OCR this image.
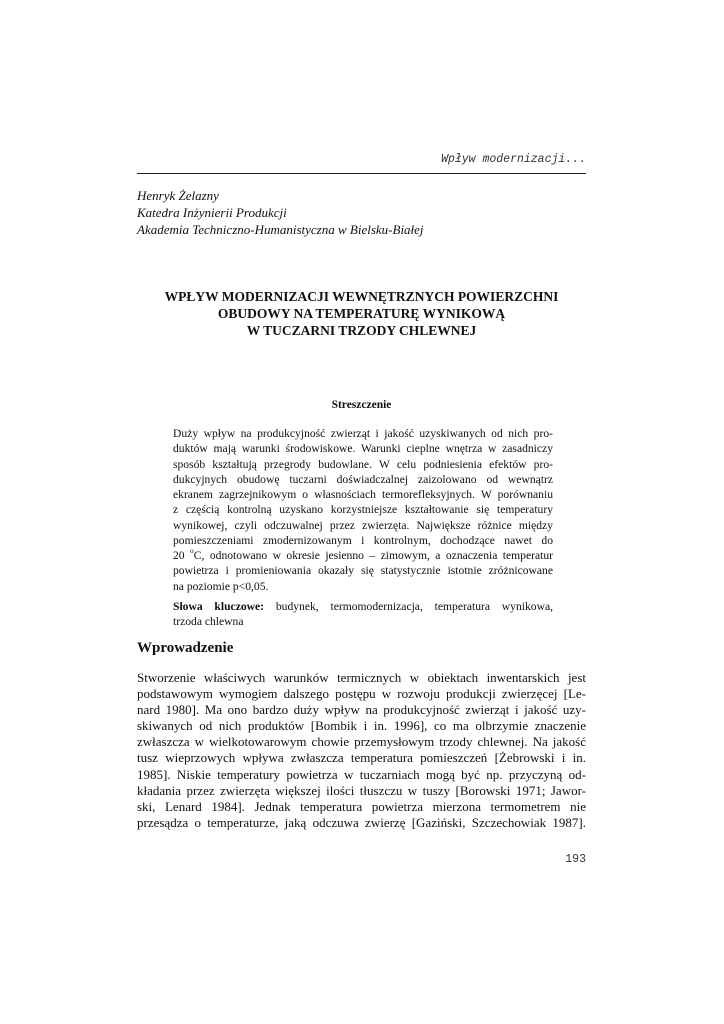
Wpływ modernizacji...
Henryk Żelazny
Katedra Inżynierii Produkcji
Akademia Techniczno-Humanistyczna w Bielsku-Białej
WPŁYW MODERNIZACJI WEWNĘTRZNYCH POWIERZCHNI
OBUDOWY NA TEMPERATURĘ WYNIKOWĄ
W TUCZARNI TRZODY CHLEWNEJ
Streszczenie
Duży wpływ na produkcyjność zwierząt i jakość uzyskiwanych od nich pro-
duktów mają warunki środowiskowe. Warunki cieplne wnętrza w zasadniczy
sposób kształtują przegrody budowlane. W celu podniesienia efektów pro-
dukcyjnych obudowę tuczarni doświadczalnej zaizolowano od wewnątrz
ekranem zagrzejnikowym o własnościach termorefleksyjnych. W porównaniu
z częścią kontrolną uzyskano korzystniejsze kształtowanie się temperatury
wynikowej, czyli odczuwalnej przez zwierzęta. Największe różnice między
pomieszczeniami zmodernizowanym i kontrolnym, dochodzące nawet do
20 $^o$C, odnotowano w okresie jesienno – zimowym, a oznaczenia temperatur
powietrza i promieniowania okazały się statystycznie istotnie zróżnicowane
na poziomie p<0,05.
Słowa kluczowe: budynek, termomodernizacja, temperatura wynikowa,
trzoda chlewna
Wprowadzenie
Stworzenie właściwych warunków termicznych w obiektach inwentarskich jest
podstawowym wymogiem dalszego postępu w rozwoju produkcji zwierzęcej [Le-
nard 1980]. Ma ono bardzo duży wpływ na produkcyjność zwierząt i jakość uzy-
skiwanych od nich produktów [Bombik i in. 1996], co ma olbrzymie znaczenie
zwłaszcza w wielkotowarowym chowie przemysłowym trzody chlewnej. Na jakość
tusz wieprzowych wpływa zwłaszcza temperatura pomieszczeń [Żebrowski i in.
1985]. Niskie temperatury powietrza w tuczarniach mogą być np. przyczyną od-
kładania przez zwierzęta większej ilości tłuszczu w tuszy [Borowski 1971; Jawor-
ski, Lenard 1984]. Jednak temperatura powietrza mierzona termometrem nie
przesądza o temperaturze, jaką odczuwa zwierzę [Gaziński, Szczechowiak 1987].
193
